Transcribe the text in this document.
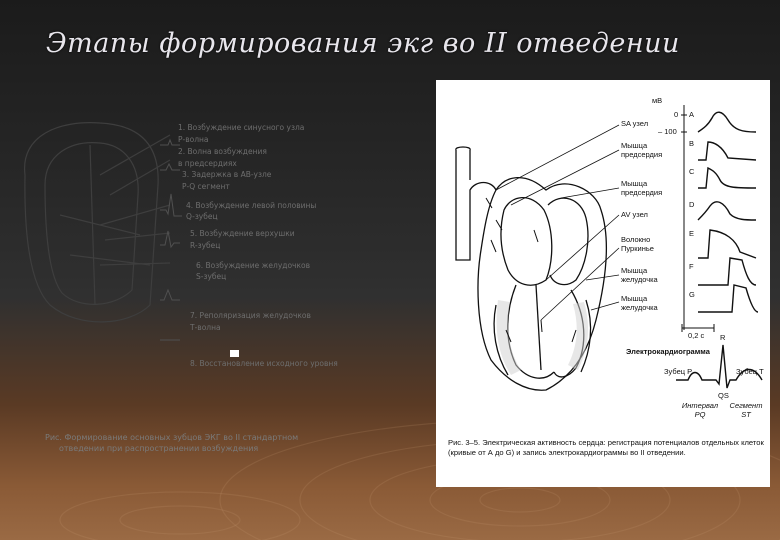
Этапы формирования экг во II отведении
1. Возбуждение синусного узла
Р-волна
2. Волна возбуждения
в предсердиях
3. Задержка в АВ-узле
Р-Q сегмент
4. Возбуждение левой половины
Q-зубец
5. Возбуждение верхушки
R-зубец
6. Возбуждение желудочков
S-зубец
7. Реполяризация желудочков
Т-волна
8. Восстановление исходного уровня
Рис. Формирование основных зубцов ЭКГ во II стандартном
отведении при распространении возбуждения
мВ
0
– 100
SA узел
A
Мышца предсердия
B
Мышца предсердия
C
AV узел
D
Волокно Пуркинье
E
Мышца желудочка
F
Мышца желудочка
G
0,2 с R
Электрокардиограмма
Зубец P	Зубец T
QS
Интервал PQ
Сегмент ST
Рис. 3–5. Электрическая активность сердца: регистрация потенциалов отдельных клеток (кривые от А до G) и запись электрокардиограммы во II отведении.
